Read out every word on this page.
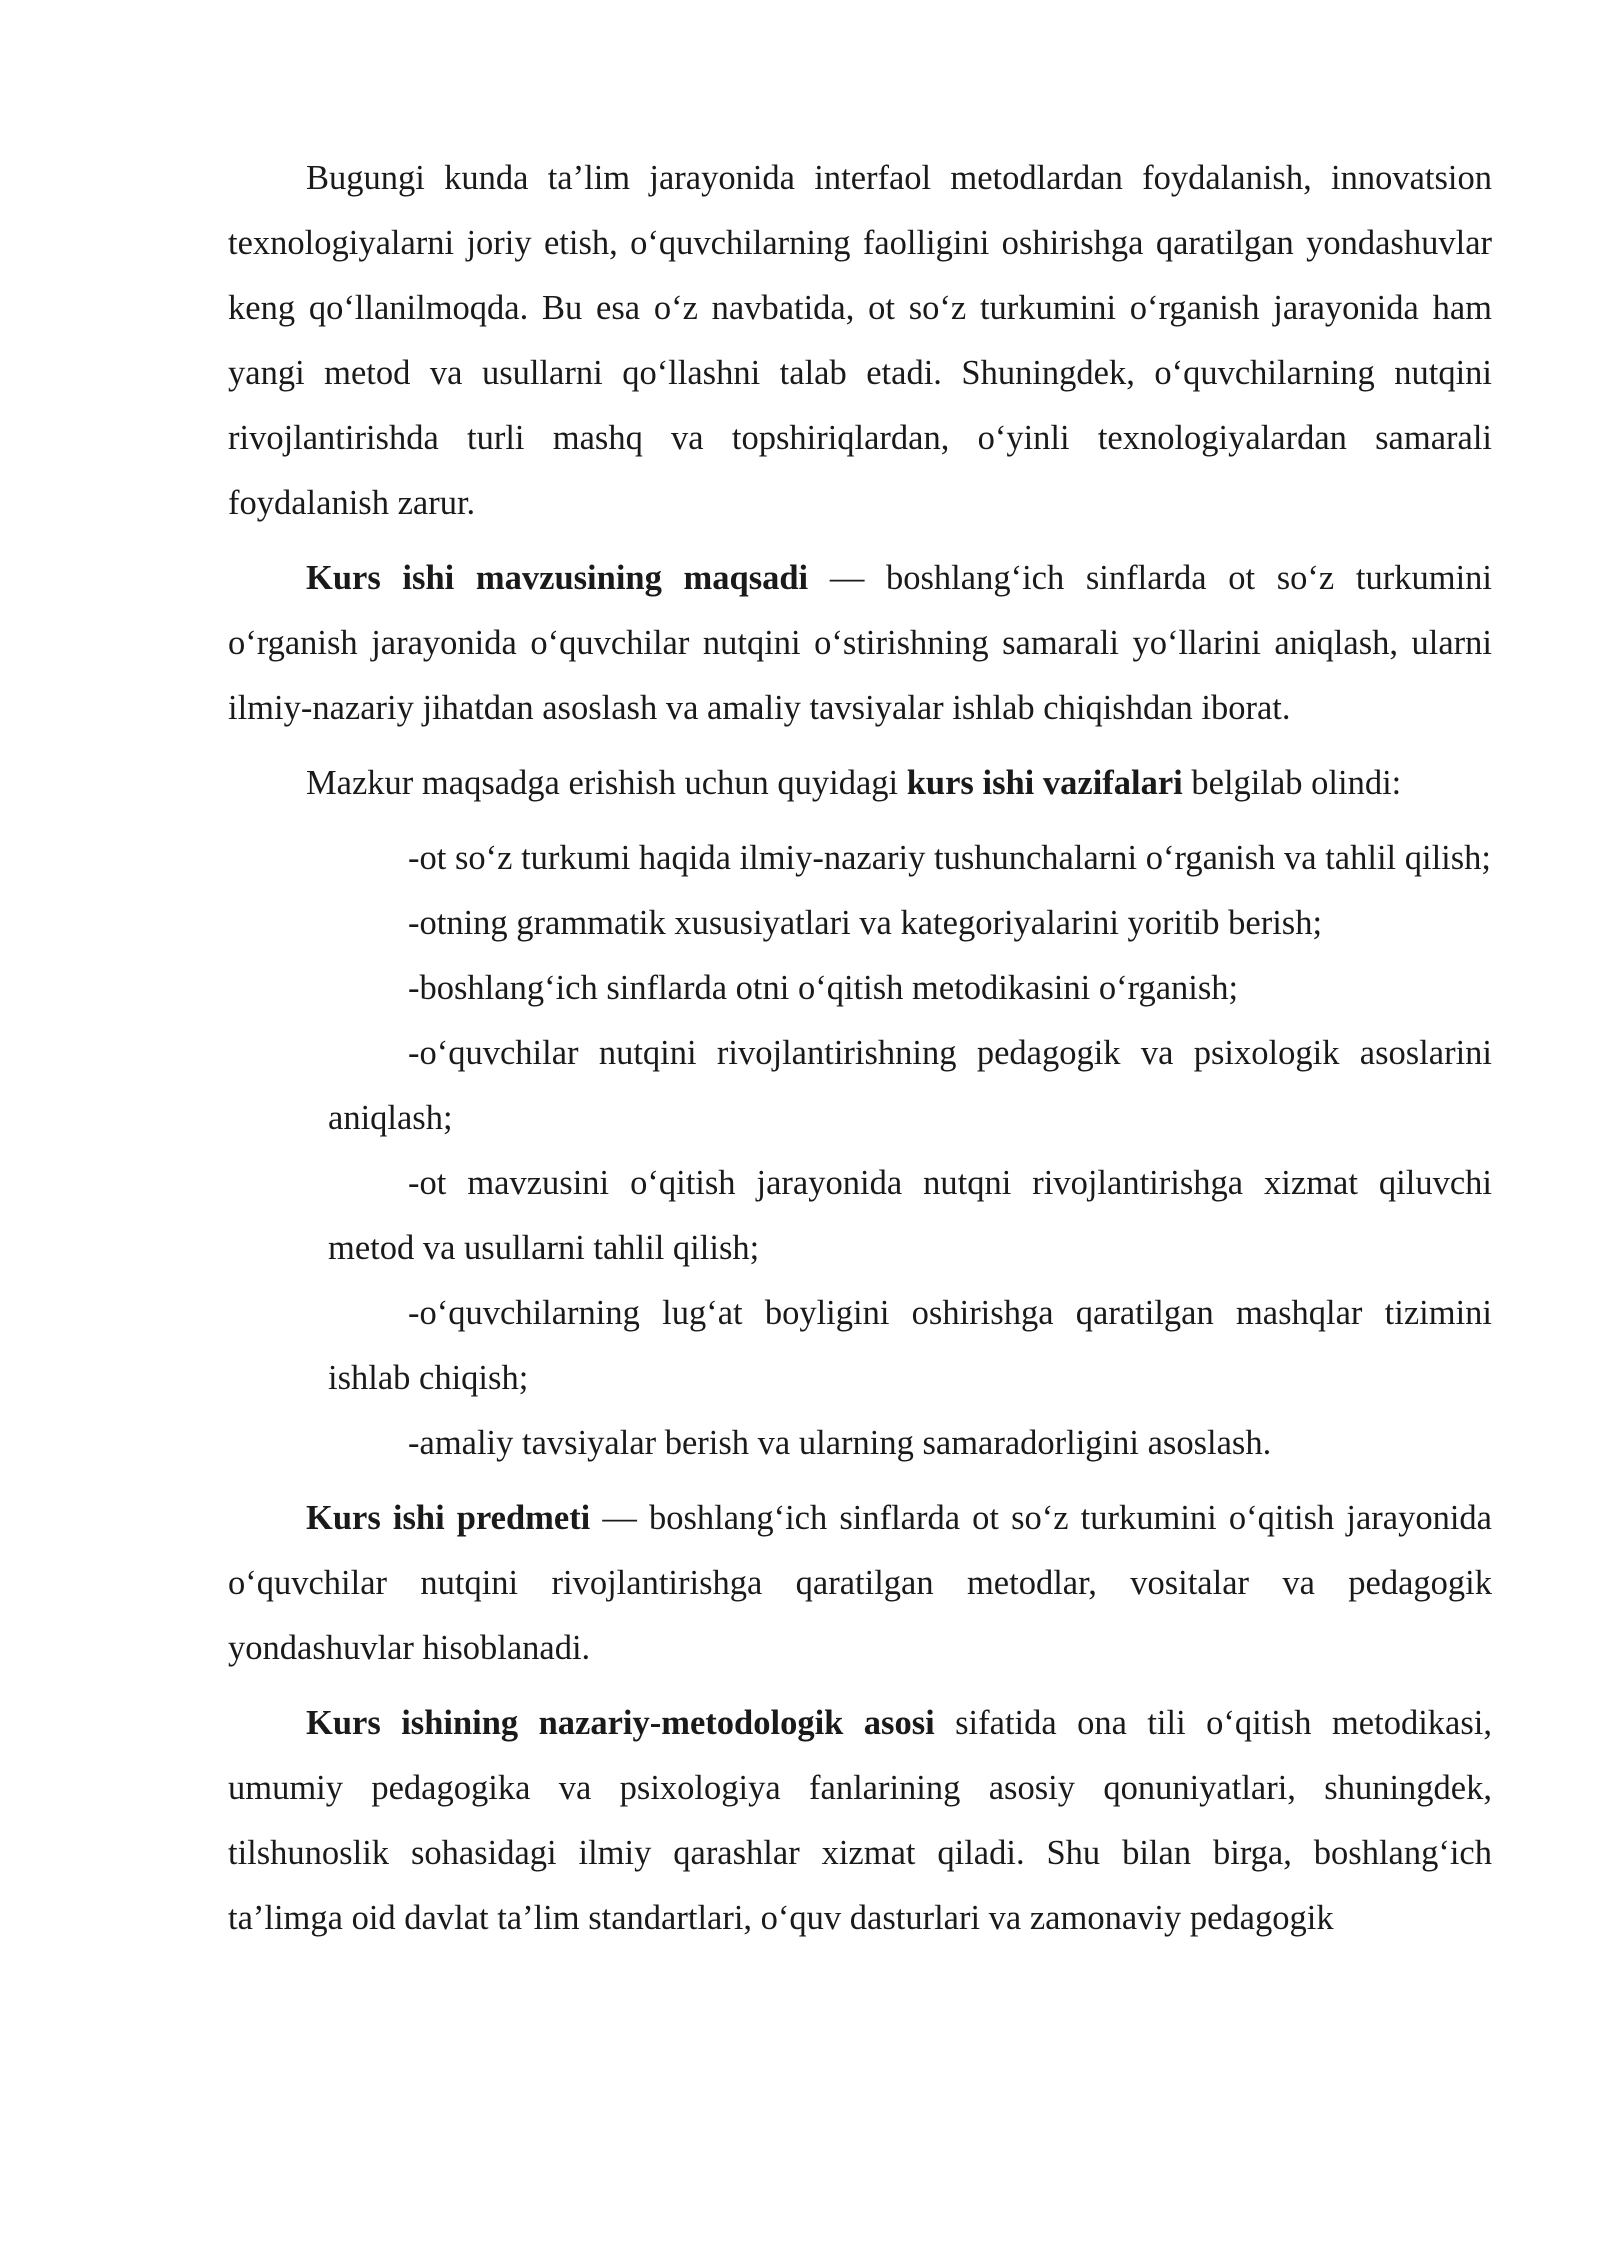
Bugungi kunda ta’lim jarayonida interfaol metodlardan foydalanish, innovatsion texnologiyalarni joriy etish, o‘quvchilarning faolligini oshirishga qaratilgan yondashuvlar keng qo‘llanilmoqda. Bu esa o‘z navbatida, ot so‘z turkumini o‘rganish jarayonida ham yangi metod va usullarni qo‘llashni talab etadi. Shuningdek, o‘quvchilarning nutqini rivojlantirishda turli mashq va topshiriqlardan, o‘yinli texnologiyalardan samarali foydalanish zarur.

Kurs ishi mavzusining maqsadi — boshlang‘ich sinflarda ot so‘z turkumini o‘rganish jarayonida o‘quvchilar nutqini o‘stirishning samarali yo‘llarini aniqlash, ularni ilmiy-nazariy jihatdan asoslash va amaliy tavsiyalar ishlab chiqishdan iborat.

Mazkur maqsadga erishish uchun quyidagi kurs ishi vazifalari belgilab olindi:

-ot so‘z turkumi haqida ilmiy-nazariy tushunchalarni o‘rganish va tahlil qilish;
-otning grammatik xususiyatlari va kategoriyalarini yoritib berish;
-boshlang‘ich sinflarda otni o‘qitish metodikasini o‘rganish;
-o‘quvchilar nutqini rivojlantirishning pedagogik va psixologik asoslarini aniqlash;
-ot mavzusini o‘qitish jarayonida nutqni rivojlantirishga xizmat qiluvchi metod va usullarni tahlil qilish;
-o‘quvchilarning lug‘at boyligini oshirishga qaratilgan mashqlar tizimini ishlab chiqish;
-amaliy tavsiyalar berish va ularning samaradorligini asoslash.

Kurs ishi predmeti — boshlang‘ich sinflarda ot so‘z turkumini o‘qitish jarayonida o‘quvchilar nutqini rivojlantirishga qaratilgan metodlar, vositalar va pedagogik yondashuvlar hisoblanadi.

Kurs ishining nazariy-metodologik asosi sifatida ona tili o‘qitish metodikasi, umumiy pedagogika va psixologiya fanlarining asosiy qonuniyatlari, shuningdek, tilshunoslik sohasidagi ilmiy qarashlar xizmat qiladi. Shu bilan birga, boshlang‘ich ta’limga oid davlat ta’lim standartlari, o‘quv dasturlari va zamonaviy pedagogik
